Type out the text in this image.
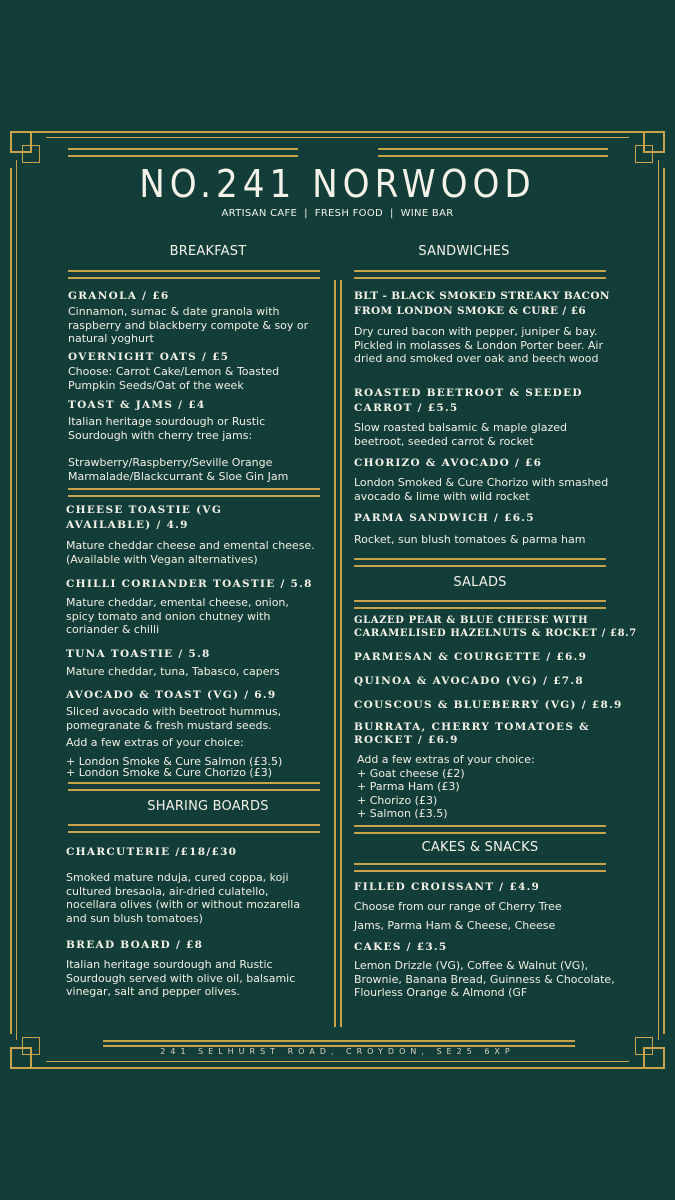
NO.241 NORWOOD
ARTISAN CAFE  |  FRESH FOOD  |  WINE BAR
BREAKFAST
GRANOLA / £6
Cinnamon, sumac & date granola with raspberry and blackberry compote & soy or natural yoghurt
OVERNIGHT OATS / £5
Choose: Carrot Cake/Lemon & Toasted Pumpkin Seeds/Oat of the week
TOAST & JAMS / £4
Italian heritage sourdough or Rustic Sourdough with cherry tree jams:
Strawberry/Raspberry/Seville Orange Marmalade/Blackcurrant & Sloe Gin Jam
CHEESE TOASTIE (VG AVAILABLE) / 4.9
Mature cheddar cheese and emental cheese. (Available with Vegan alternatives)
CHILLI CORIANDER TOASTIE / 5.8
Mature cheddar, emental cheese, onion, spicy tomato and onion chutney with coriander & chilli
TUNA TOASTIE / 5.8
Mature cheddar, tuna, Tabasco, capers
AVOCADO & TOAST (VG) / 6.9
Sliced avocado with beetroot hummus, pomegranate & fresh mustard seeds.
Add a few extras of your choice:
+ London Smoke & Cure Salmon (£3.5)
+ London Smoke & Cure Chorizo (£3)
SHARING BOARDS
CHARCUTERIE /£18/£30
Smoked mature nduja, cured coppa, koji cultured bresaola, air-dried culatello, nocellara olives (with or without mozarella and sun blush tomatoes)
BREAD BOARD / £8
Italian heritage sourdough and Rustic Sourdough served with olive oil, balsamic vinegar, salt and pepper olives.
SANDWICHES
BLT - BLACK SMOKED STREAKY BACON FROM LONDON SMOKE & CURE / £6
Dry cured bacon with pepper, juniper & bay. Pickled in molasses & London Porter beer. Air dried and smoked over oak and beech wood
ROASTED BEETROOT & SEEDED CARROT / £5.5
Slow roasted balsamic & maple glazed beetroot, seeded carrot & rocket
CHORIZO & AVOCADO / £6
London Smoked & Cure Chorizo with smashed avocado & lime with wild rocket
PARMA SANDWICH / £6.5
Rocket, sun blush tomatoes & parma ham
SALADS
GLAZED PEAR & BLUE CHEESE WITH CARAMELISED HAZELNUTS & ROCKET / £8.7
PARMESAN & COURGETTE / £6.9
QUINOA & AVOCADO (VG) / £7.8
COUSCOUS & BLUEBERRY (VG) / £8.9
BURRATA, CHERRY TOMATOES & ROCKET / £6.9
Add a few extras of your choice:
+ Goat cheese (£2)
+ Parma Ham (£3)
+ Chorizo (£3)
+ Salmon (£3.5)
CAKES & SNACKS
FILLED CROISSANT / £4.9
Choose from our range of Cherry Tree
Jams, Parma Ham & Cheese, Cheese
CAKES / £3.5
Lemon Drizzle (VG), Coffee & Walnut (VG), Brownie, Banana Bread, Guinness & Chocolate, Flourless Orange & Almond (GF
241 SELHURST ROAD, CROYDON, SE25 6XP
